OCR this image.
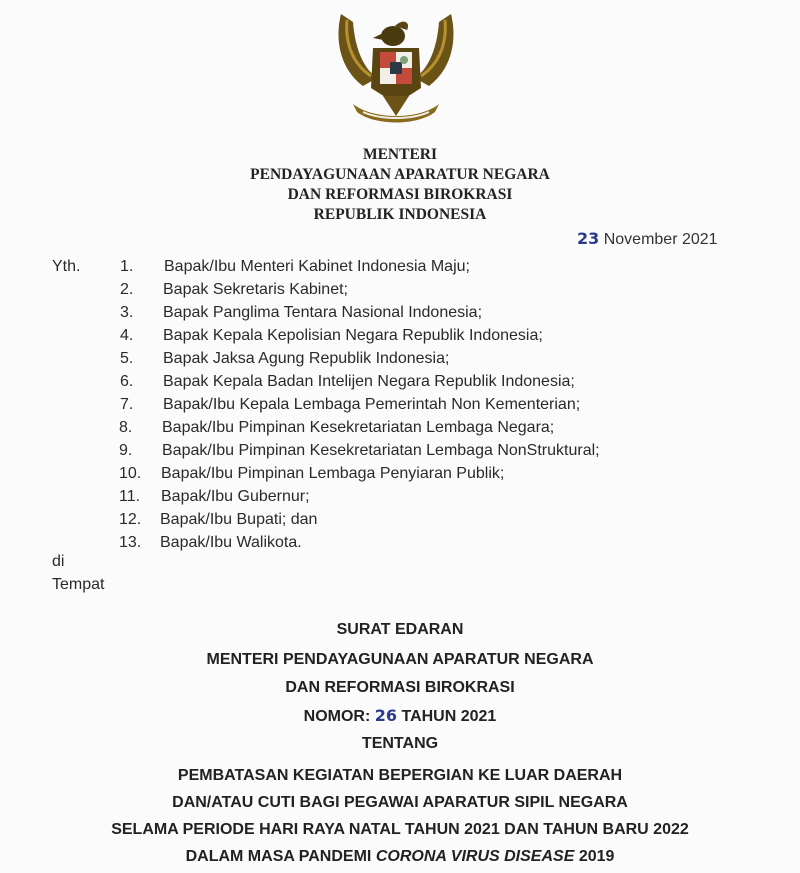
MENTERI
PENDAYAGUNAAN APARATUR NEGARA
DAN REFORMASI BIROKRASI
REPUBLIK INDONESIA
23 November 2021
Yth. 1.	Bapak/Ibu Menteri Kabinet Indonesia Maju;
2.	Bapak Sekretaris Kabinet;
3.	Bapak Panglima Tentara Nasional Indonesia;
4.	Bapak Kepala Kepolisian Negara Republik Indonesia;
5.	Bapak Jaksa Agung Republik Indonesia;
6.	Bapak Kepala Badan Intelijen Negara Republik Indonesia;
7.	Bapak/Ibu Kepala Lembaga Pemerintah Non Kementerian;
8.	Bapak/Ibu Pimpinan Kesekretariatan Lembaga Negara;
9.	Bapak/Ibu Pimpinan Kesekretariatan Lembaga NonStruktural;
10.	Bapak/Ibu Pimpinan Lembaga Penyiaran Publik;
11.	Bapak/Ibu Gubernur;
12.	Bapak/Ibu Bupati; dan
13.	Bapak/Ibu Walikota.
di
Tempat
SURAT EDARAN
MENTERI PENDAYAGUNAAN APARATUR NEGARA
DAN REFORMASI BIROKRASI
NOMOR: 26 TAHUN 2021
TENTANG
PEMBATASAN KEGIATAN BEPERGIAN KE LUAR DAERAH
DAN/ATAU CUTI BAGI PEGAWAI APARATUR SIPIL NEGARA
SELAMA PERIODE HARI RAYA NATAL TAHUN 2021 DAN TAHUN BARU 2022
DALAM MASA PANDEMI CORONA VIRUS DISEASE 2019
